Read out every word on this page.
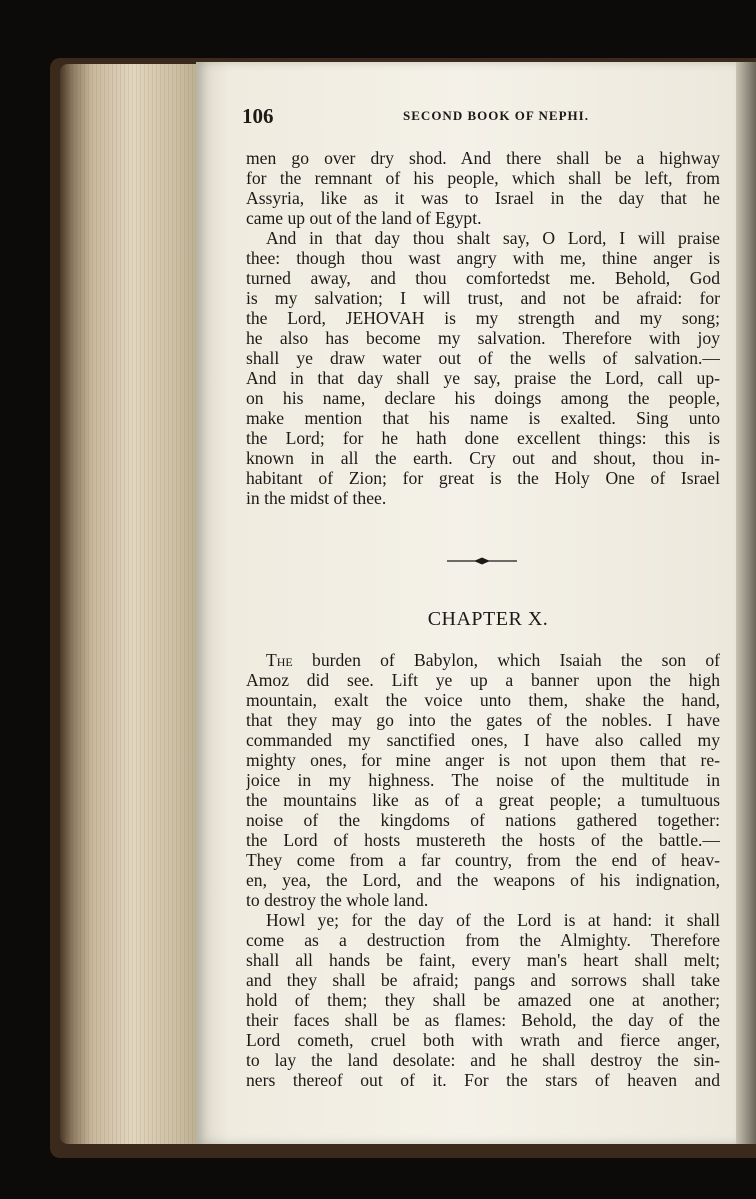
106	SECOND BOOK OF NEPHI.
men go over dry shod. And there shall be a highway
for the remnant of his people, which shall be left, from
Assyria, like as it was to Israel in the day that he
came up out of the land of Egypt.
And in that day thou shalt say, O Lord, I will praise
thee: though thou wast angry with me, thine anger is
turned away, and thou comfortedst me. Behold, God
is my salvation; I will trust, and not be afraid: for
the Lord, JEHOVAH is my strength and my song;
he also has become my salvation. Therefore with joy
shall ye draw water out of the wells of salvation.—
And in that day shall ye say, praise the Lord, call up-
on his name, declare his doings among the people,
make mention that his name is exalted. Sing unto
the Lord; for he hath done excellent things: this is
known in all the earth. Cry out and shout, thou in-
habitant of Zion; for great is the Holy One of Israel
in the midst of thee.
CHAPTER X.
The burden of Babylon, which Isaiah the son of
Amoz did see. Lift ye up a banner upon the high
mountain, exalt the voice unto them, shake the hand,
that they may go into the gates of the nobles. I have
commanded my sanctified ones, I have also called my
mighty ones, for mine anger is not upon them that re-
joice in my highness. The noise of the multitude in
the mountains like as of a great people; a tumultuous
noise of the kingdoms of nations gathered together:
the Lord of hosts mustereth the hosts of the battle.—
They come from a far country, from the end of heav-
en, yea, the Lord, and the weapons of his indignation,
to destroy the whole land.
Howl ye; for the day of the Lord is at hand: it shall
come as a destruction from the Almighty. Therefore
shall all hands be faint, every man's heart shall melt;
and they shall be afraid; pangs and sorrows shall take
hold of them; they shall be amazed one at another;
their faces shall be as flames: Behold, the day of the
Lord cometh, cruel both with wrath and fierce anger,
to lay the land desolate: and he shall destroy the sin-
ners thereof out of it. For the stars of heaven and
